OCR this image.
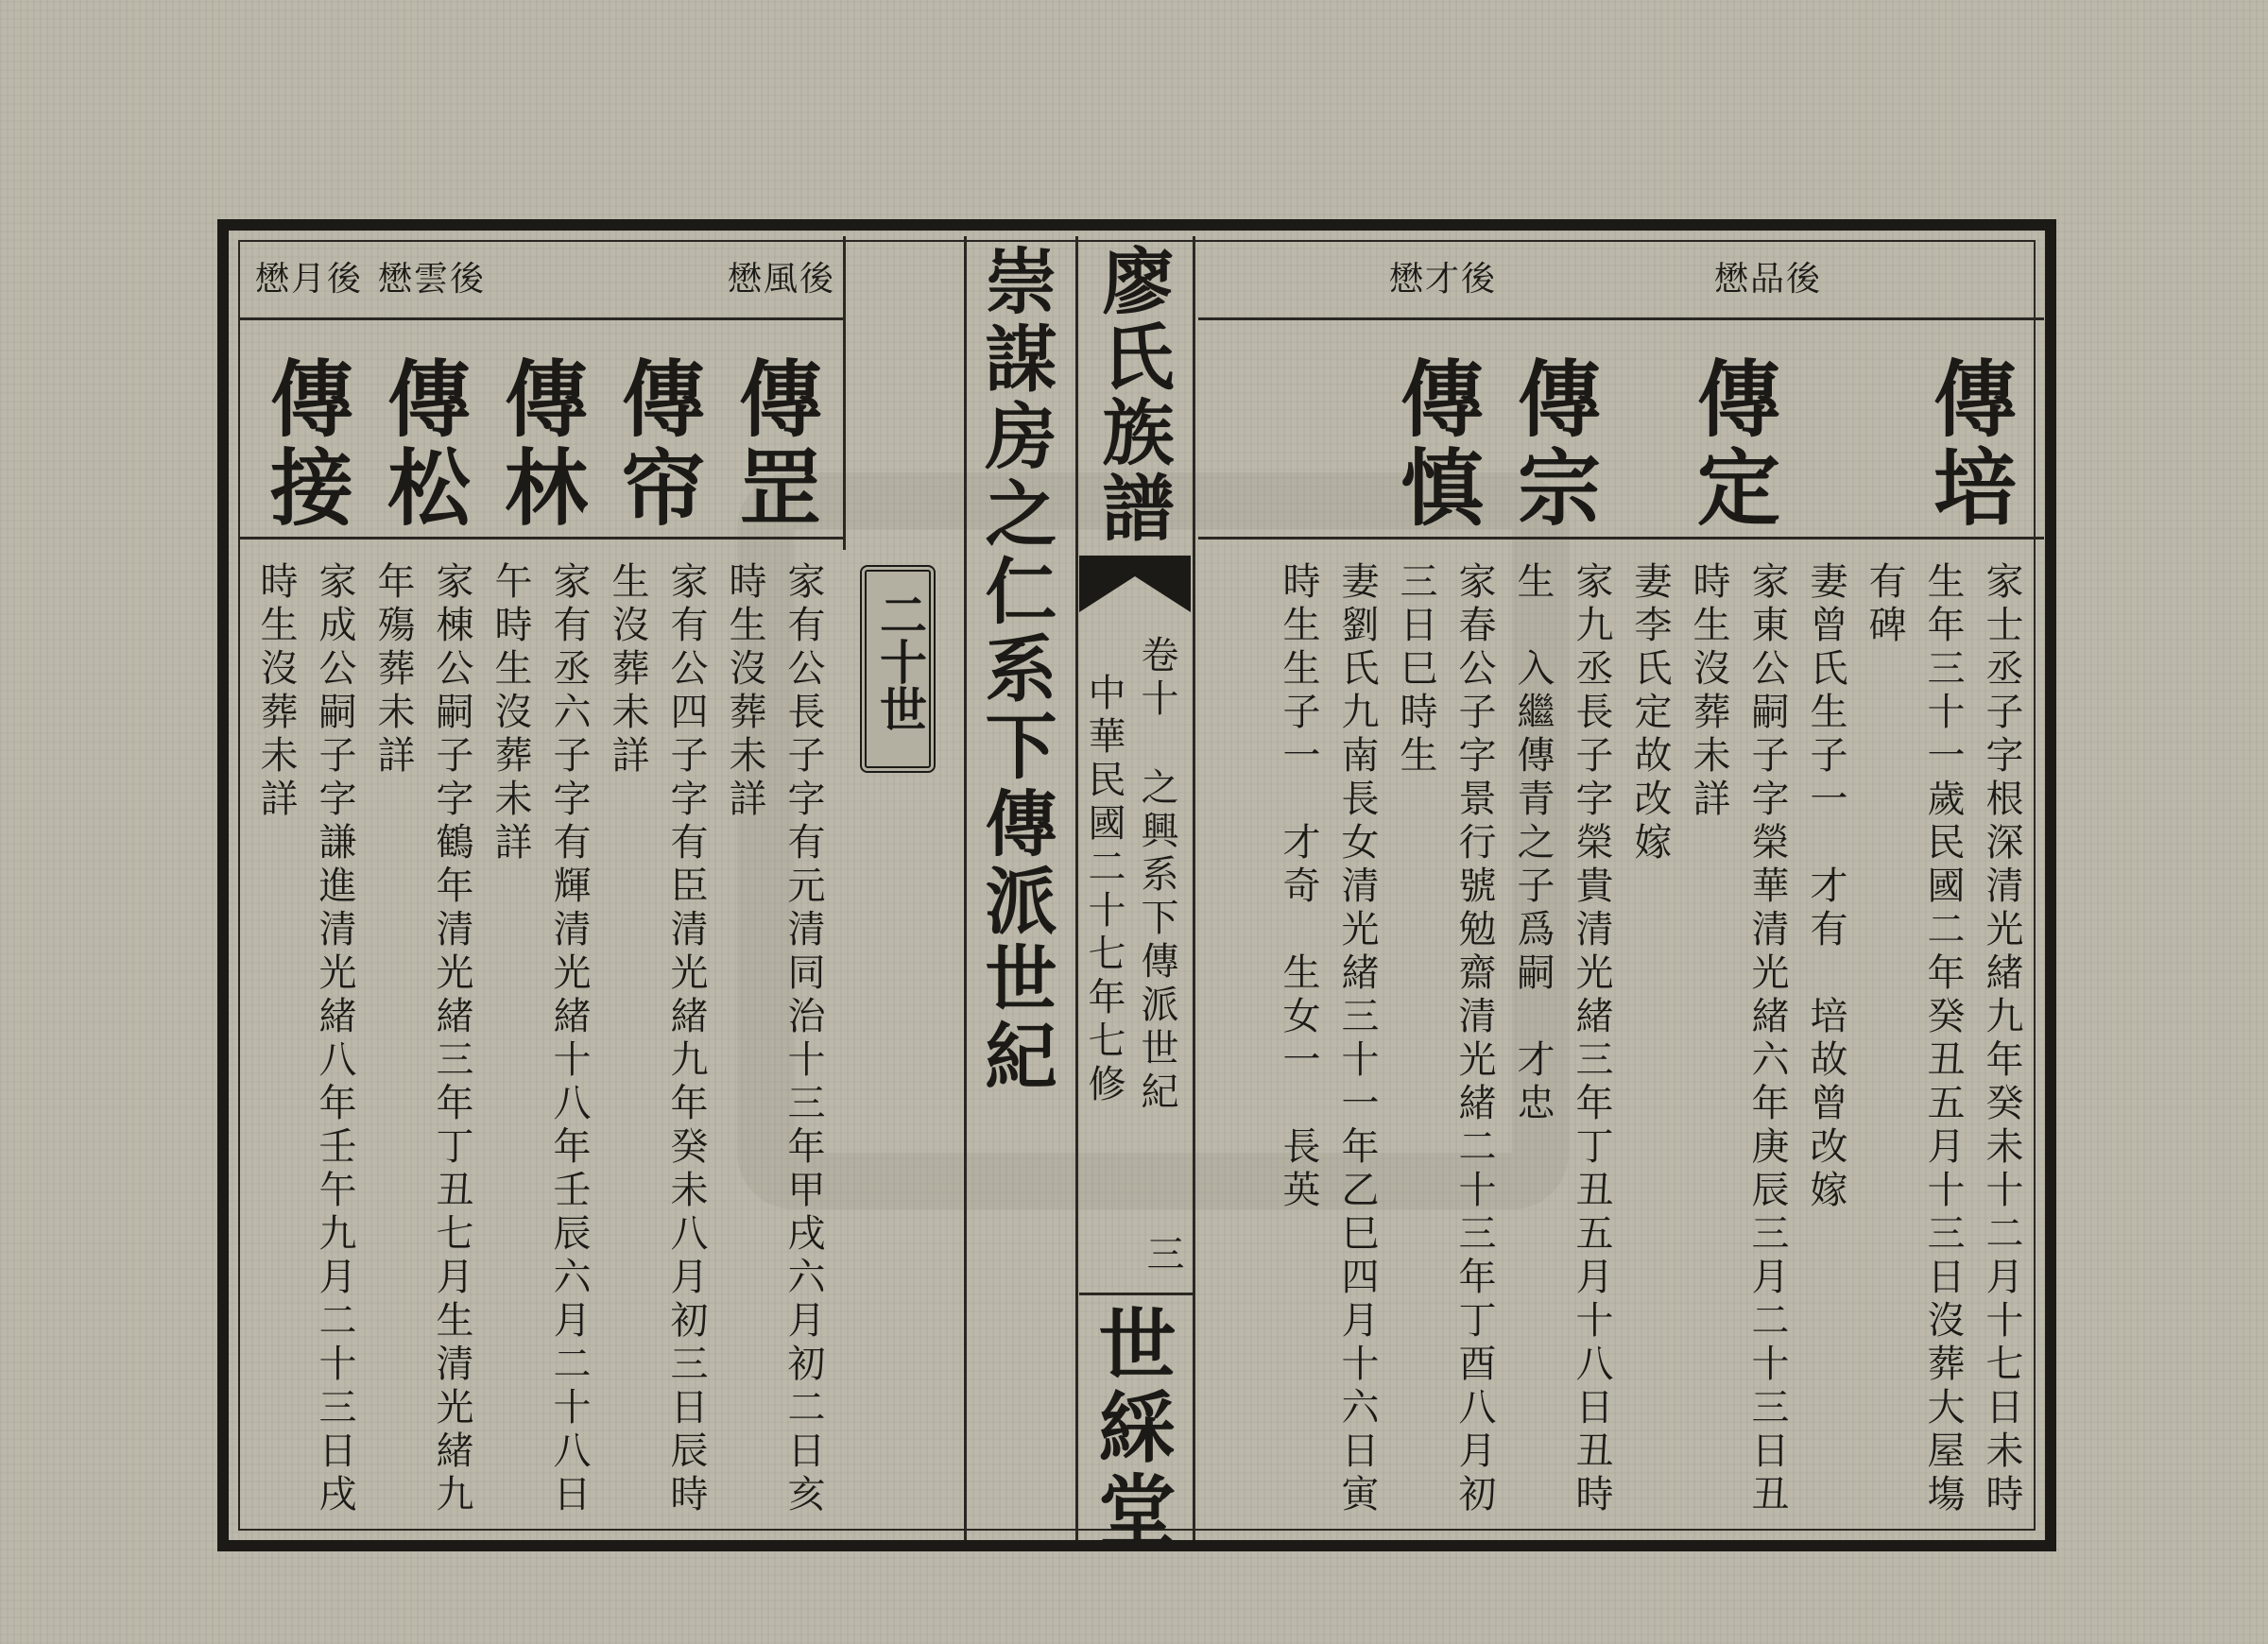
廖氏族譜
崇謀房之仁系下傳派世紀 卷十
之興系下傳派世紀
中華民國二十七年七修
三
世綵堂
二十世
傳培
家士丞子字根深清光緒九年癸未十二月十七日未時
生年三十一歲民國二年癸丑五月十三日沒葬大屋塲
有碑
懋品後
傳定
妻曾氏生子一　才有　培故曾改嫁
家東公嗣子字榮華清光緒六年庚辰三月二十三日丑
時生沒葬未詳
妻李氏定故改嫁
傳宗
家九丞長子字榮貴清光緒三年丁丑五月十八日丑時
生　入繼傳青之子爲嗣　才忠
懋才後
傳慎
家春公子字景行號勉齋清光緒二十三年丁酉八月初
三日巳時生
妻劉氏九南長女清光緒三十一年乙巳四月十六日寅
時生生子一　才奇　生女一　長英
懋風後
傳罡
家有公長子字有元清同治十三年甲戌六月初二日亥
時生沒葬未詳
傳帘
家有公四子字有臣清光緒九年癸未八月初三日辰時
生沒葬未詳
傳林
家有丞六子字有輝清光緒十八年壬辰六月二十八日
午時生沒葬未詳
懋雲後
傳松
家棟公嗣子字鶴年清光緒三年丁丑七月生清光緒九
年殤葬未詳
懋月後
傳接
家成公嗣子字謙進清光緒八年壬午九月二十三日戌
時生沒葬未詳
